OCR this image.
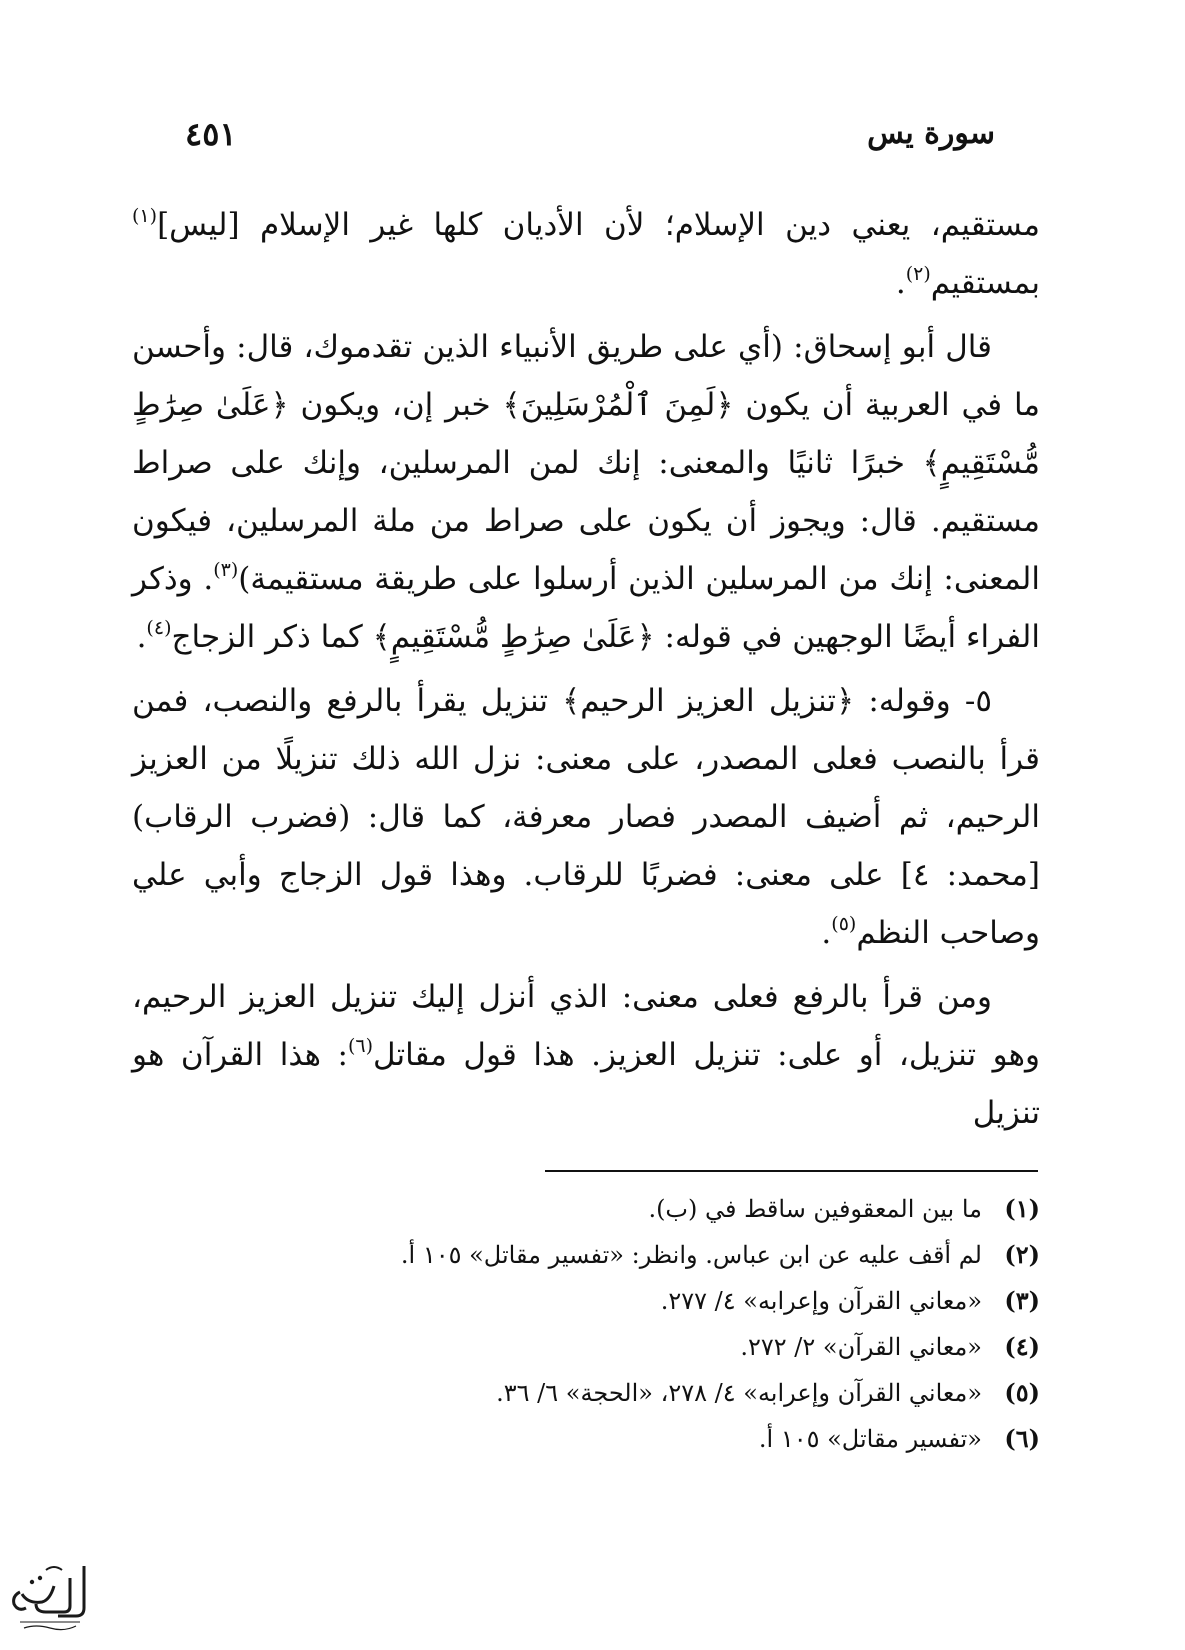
سورة يس
٤٥١

مستقيم، يعني دين الإسلام؛ لأن الأديان كلها غير الإسلام [ليس]$^{(١)}$ بمستقيم$^{(٢)}$.

قال أبو إسحاق: (أي على طريق الأنبياء الذين تقدموك، قال: وأحسن ما في العربية أن يكون ﴿لَمِنَ ٱلْمُرْسَلِينَ﴾ خبر إن، ويكون ﴿عَلَىٰ صِرَٰطٍ مُّسْتَقِيمٍ﴾ خبرًا ثانيًا والمعنى: إنك لمن المرسلين، وإنك على صراط مستقيم. قال: ويجوز أن يكون على صراط من ملة المرسلين، فيكون المعنى: إنك من المرسلين الذين أرسلوا على طريقة مستقيمة)$^{(٣)}$. وذكر الفراء أيضًا الوجهين في قوله: ﴿عَلَىٰ صِرَٰطٍ مُّسْتَقِيمٍ﴾ كما ذكر الزجاج$^{(٤)}$.

٥- وقوله: ﴿تنزيل العزيز الرحيم﴾ تنزيل يقرأ بالرفع والنصب، فمن قرأ بالنصب فعلى المصدر، على معنى: نزل الله ذلك تنزيلًا من العزيز الرحيم، ثم أضيف المصدر فصار معرفة، كما قال: (فضرب الرقاب) [محمد: ٤] على معنى: فضربًا للرقاب. وهذا قول الزجاج وأبي علي وصاحب النظم$^{(٥)}$.

ومن قرأ بالرفع فعلى معنى: الذي أنزل إليك تنزيل العزيز الرحيم، وهو تنزيل، أو على: تنزيل العزيز. هذا قول مقاتل$^{(٦)}$: هذا القرآن هو تنزيل

(١)
ما بين المعقوفين ساقط في (ب).
(٢)
لم أقف عليه عن ابن عباس. وانظر: «تفسير مقاتل» ١٠٥ أ.
(٣)
«معاني القرآن وإعرابه» ٤/ ٢٧٧.
(٤)
«معاني القرآن» ٢/ ٢٧٢.
(٥)
«معاني القرآن وإعرابه» ٤/ ٢٧٨، «الحجة» ٦/ ٣٦.
(٦)
«تفسير مقاتل» ١٠٥ أ.
